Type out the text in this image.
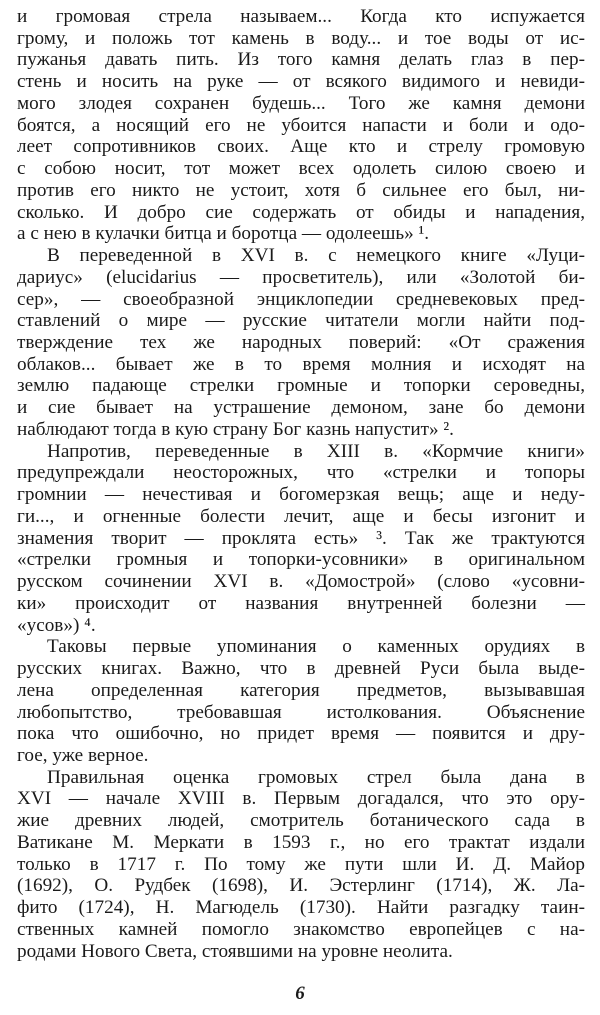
и громовая стрела называем... Когда кто испужается
грому, и положь тот камень в воду... и тое воды от ис-
пужанья давать пить. Из того камня делать глаз в пер-
стень и носить на руке — от всякого видимого и невиди-
мого злодея сохранен будешь... Того же камня демони
боятся, а носящий его не убоится напасти и боли и одо-
леет сопротивников своих. Аще кто и стрелу громовую
с собою носит, тот может всех одолеть силою своею и
против его никто не устоит, хотя б сильнее его был, ни-
сколько. И добро сие содержать от обиды и нападения,
а с нею в кулачки битца и боротца — одолеешь» ¹.
В переведенной в XVI в. с немецкого книге «Луци-
дариус» (elucidarius — просветитель), или «Золотой би-
сер», — своеобразной энциклопедии средневековых пред-
ставлений о мире — русские читатели могли найти под-
тверждение тех же народных поверий: «От сражения
облаков... бывает же в то время молния и исходят на
землю падающе стрелки громные и топорки сероведны,
и сие бывает на устрашение демоном, зане бо демони
наблюдают тогда в кую страну Бог казнь напустит» ².
Напротив, переведенные в XIII в. «Кормчие книги»
предупреждали неосторожных, что «стрелки и топоры
громнии — нечестивая и богомерзкая вещь; аще и неду-
ги..., и огненные болести лечит, аще и бесы изгонит и
знамения творит — проклята есть» ³. Так же трактуются
«стрелки громныя и топорки-усовники» в оригинальном
русском сочинении XVI в. «Домострой» (слово «усовни-
ки» происходит от названия внутренней болезни —
«усов») ⁴.
Таковы первые упоминания о каменных орудиях в
русских книгах. Важно, что в древней Руси была выде-
лена определенная категория предметов, вызывавшая
любопытство, требовавшая истолкования. Объяснение
пока что ошибочно, но придет время — появится и дру-
гое, уже верное.
Правильная оценка громовых стрел была дана в
XVI — начале XVIII в. Первым догадался, что это ору-
жие древних людей, смотритель ботанического сада в
Ватикане М. Меркати в 1593 г., но его трактат издали
только в 1717 г. По тому же пути шли И. Д. Майор
(1692), О. Рудбек (1698), И. Эстерлинг (1714), Ж. Ла-
фито (1724), Н. Магюдель (1730). Найти разгадку таин-
ственных камней помогло знакомство европейцев с на-
родами Нового Света, стоявшими на уровне неолита.
6
